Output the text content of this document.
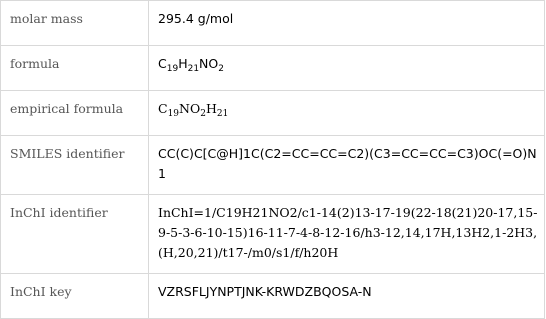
molar mass	295.4 g/mol
formula	$C_{19}H_{21}NO_2$
empirical formula	$C_{19}NO_2H_{21}$
SMILES identifier	CC(C)C[C@H]1C(C2=CC=CC=C2)(C3=CC=CC=C3)OC(=O)N1
InChI identifier	InChI=1/C19H21NO2/c1-14(2)13-17-19(22-18(21)20-17,15-9-5-3-6-10-15)16-11-7-4-8-12-16/h3-12,14,17H,13H2,1-2H3,(H,20,21)/t17-/m0/s1/f/h20H
InChI key	VZRSFLJYNPTJNK-KRWDZBQOSA-N
